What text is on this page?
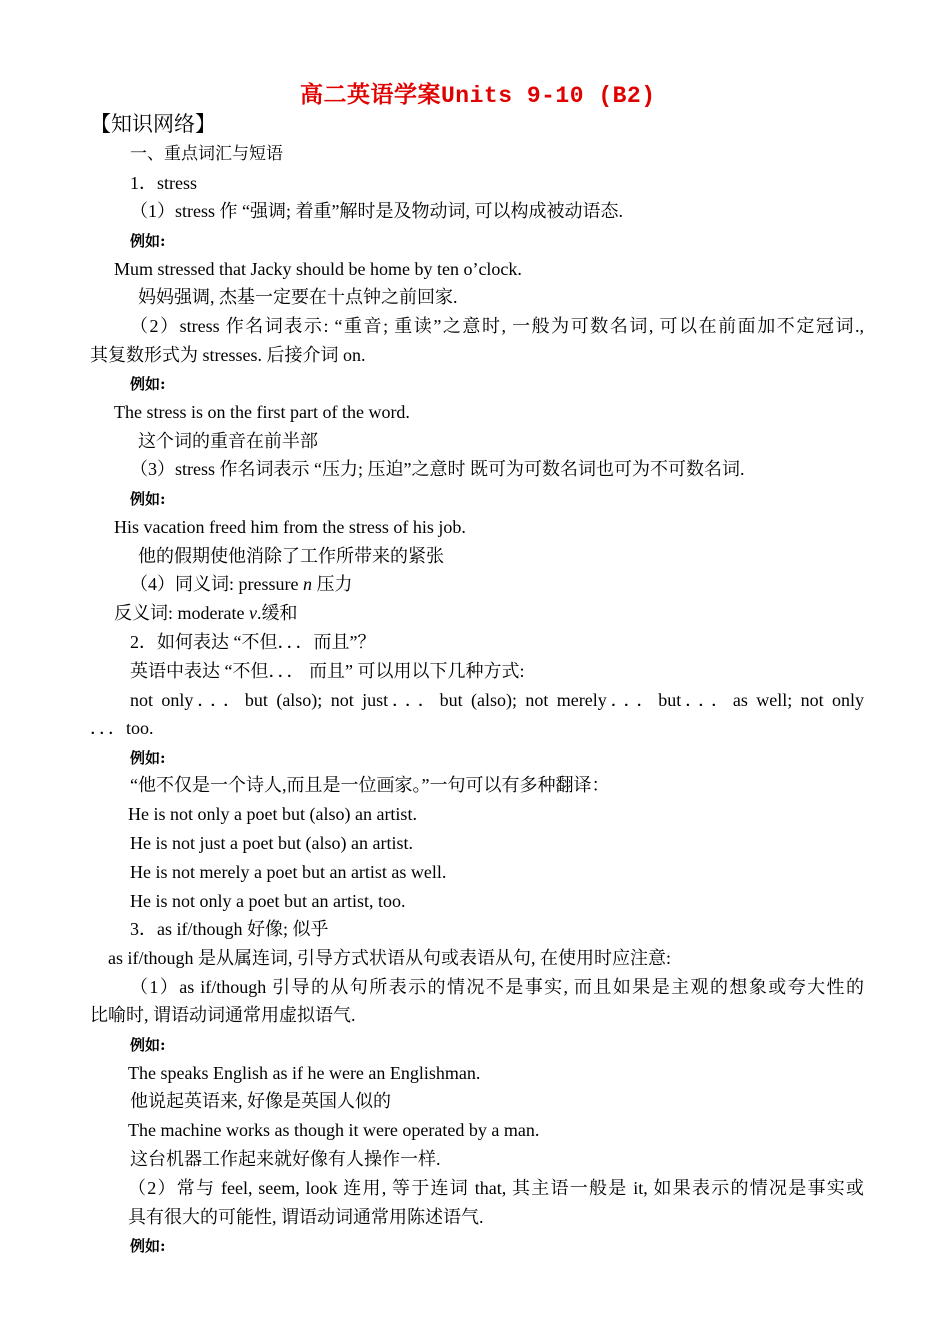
高二英语学案Units 9-10 (B2)
【知识网络】
一、重点词汇与短语
1．stress
（1）stress 作 “强调; 着重”解时是及物动词, 可以构成被动语态.
例如:
Mum stressed that Jacky should be home by ten o’clock.
妈妈强调, 杰基一定要在十点钟之前回家.
（2）stress 作名词表示: “重音; 重读”之意时, 一般为可数名词, 可以在前面加不定冠词.,
其复数形式为 stresses. 后接介词 on.
例如:
The stress is on the first part of the word.
这个词的重音在前半部
（3）stress 作名词表示 “压力; 压迫”之意时 既可为可数名词也可为不可数名词.
例如:
His vacation freed him from the stress of his job.
他的假期使他消除了工作所带来的紧张
（4）同义词: pressure n 压力
反义词: moderate v.缓和
2．如何表达 “不但．．．而且”？
英语中表达 “不但．．． 而且” 可以用以下几种方式:
not only．．．but (also); not just．．．but (also); not merely．．．but．．．as well; not only
．．．too.
例如:
“他不仅是一个诗人,而且是一位画家。”一句可以有多种翻译：
He is not only a poet but (also) an artist.
He is not just a poet but (also) an artist.
He is not merely a poet but an artist as well.
He is not only a poet but an artist, too.
3．as if/though 好像; 似乎
as if/though 是从属连词, 引导方式状语从句或表语从句, 在使用时应注意:
（1）as if/though 引导的从句所表示的情况不是事实, 而且如果是主观的想象或夸大性的
比喻时, 谓语动词通常用虚拟语气.
例如:
The speaks English as if he were an Englishman.
他说起英语来, 好像是英国人似的
The machine works as though it were operated by a man.
这台机器工作起来就好像有人操作一样.
（2）常与 feel, seem, look 连用, 等于连词 that, 其主语一般是 it, 如果表示的情况是事实或
具有很大的可能性, 谓语动词通常用陈述语气.
例如:
